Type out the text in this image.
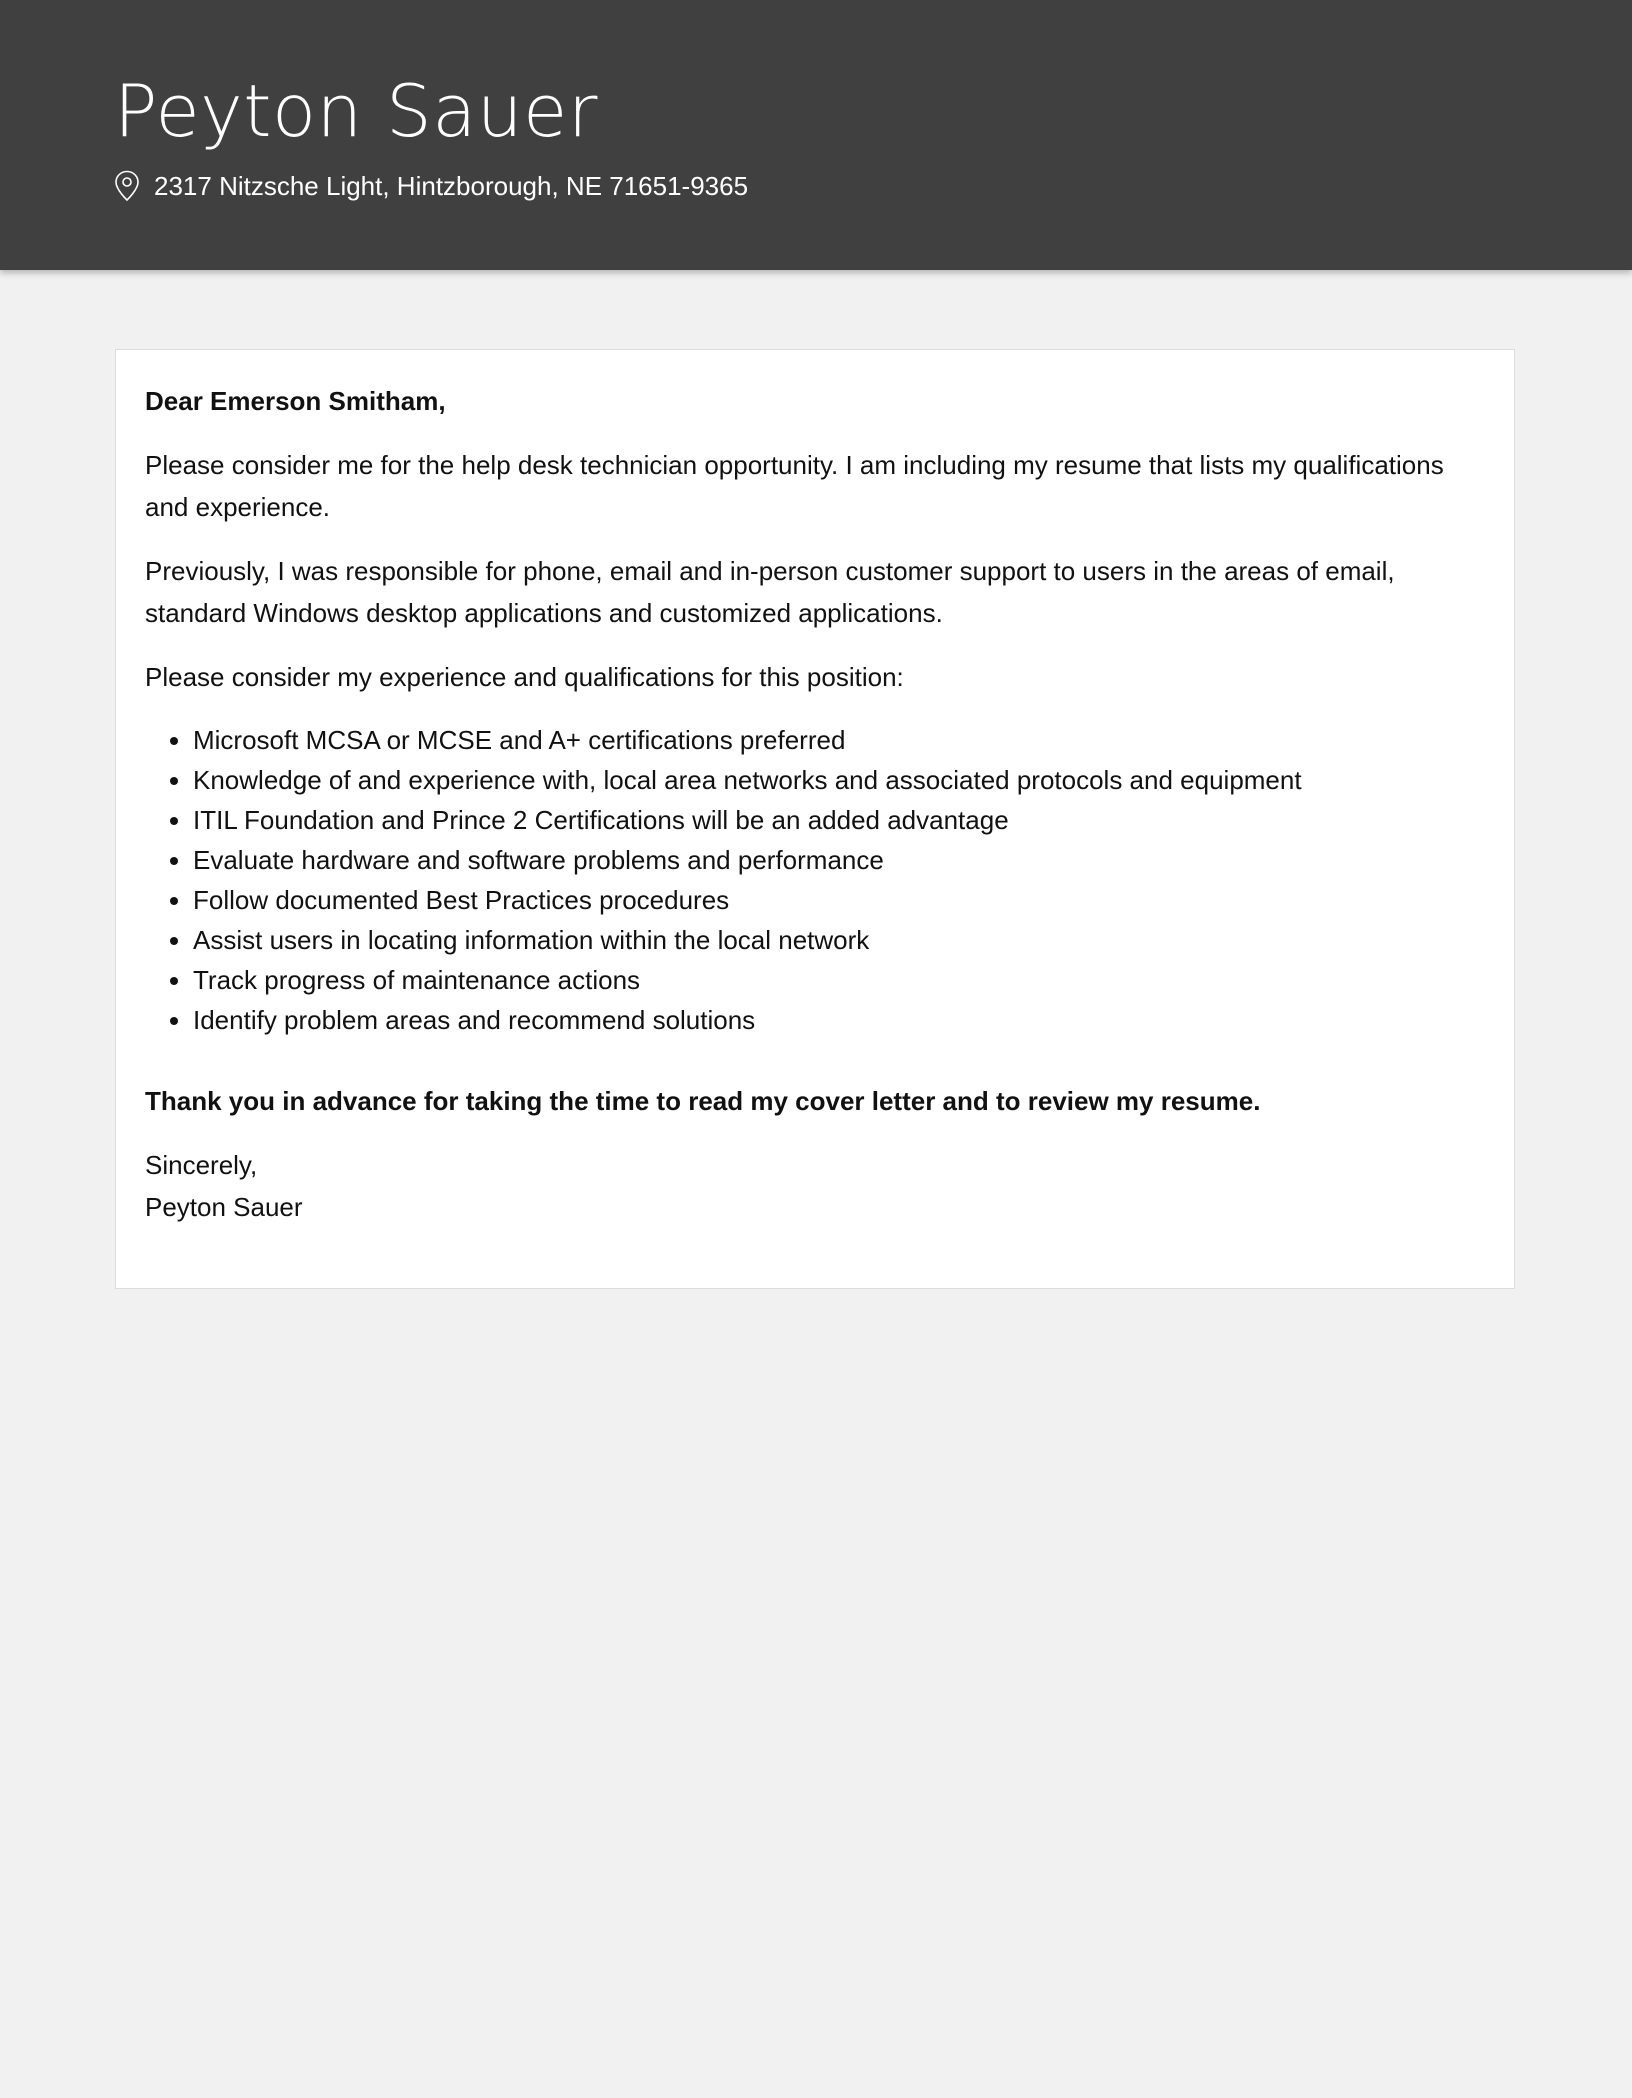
Peyton Sauer
2317 Nitzsche Light, Hintzborough, NE 71651-9365

Dear Emerson Smitham,

Please consider me for the help desk technician opportunity. I am including my resume that lists my qualifications and experience.

Previously, I was responsible for phone, email and in-person customer support to users in the areas of email, standard Windows desktop applications and customized applications.

Please consider my experience and qualifications for this position:

• Microsoft MCSA or MCSE and A+ certifications preferred
• Knowledge of and experience with, local area networks and associated protocols and equipment
• ITIL Foundation and Prince 2 Certifications will be an added advantage
• Evaluate hardware and software problems and performance
• Follow documented Best Practices procedures
• Assist users in locating information within the local network
• Track progress of maintenance actions
• Identify problem areas and recommend solutions

Thank you in advance for taking the time to read my cover letter and to review my resume.

Sincerely,

Peyton Sauer
